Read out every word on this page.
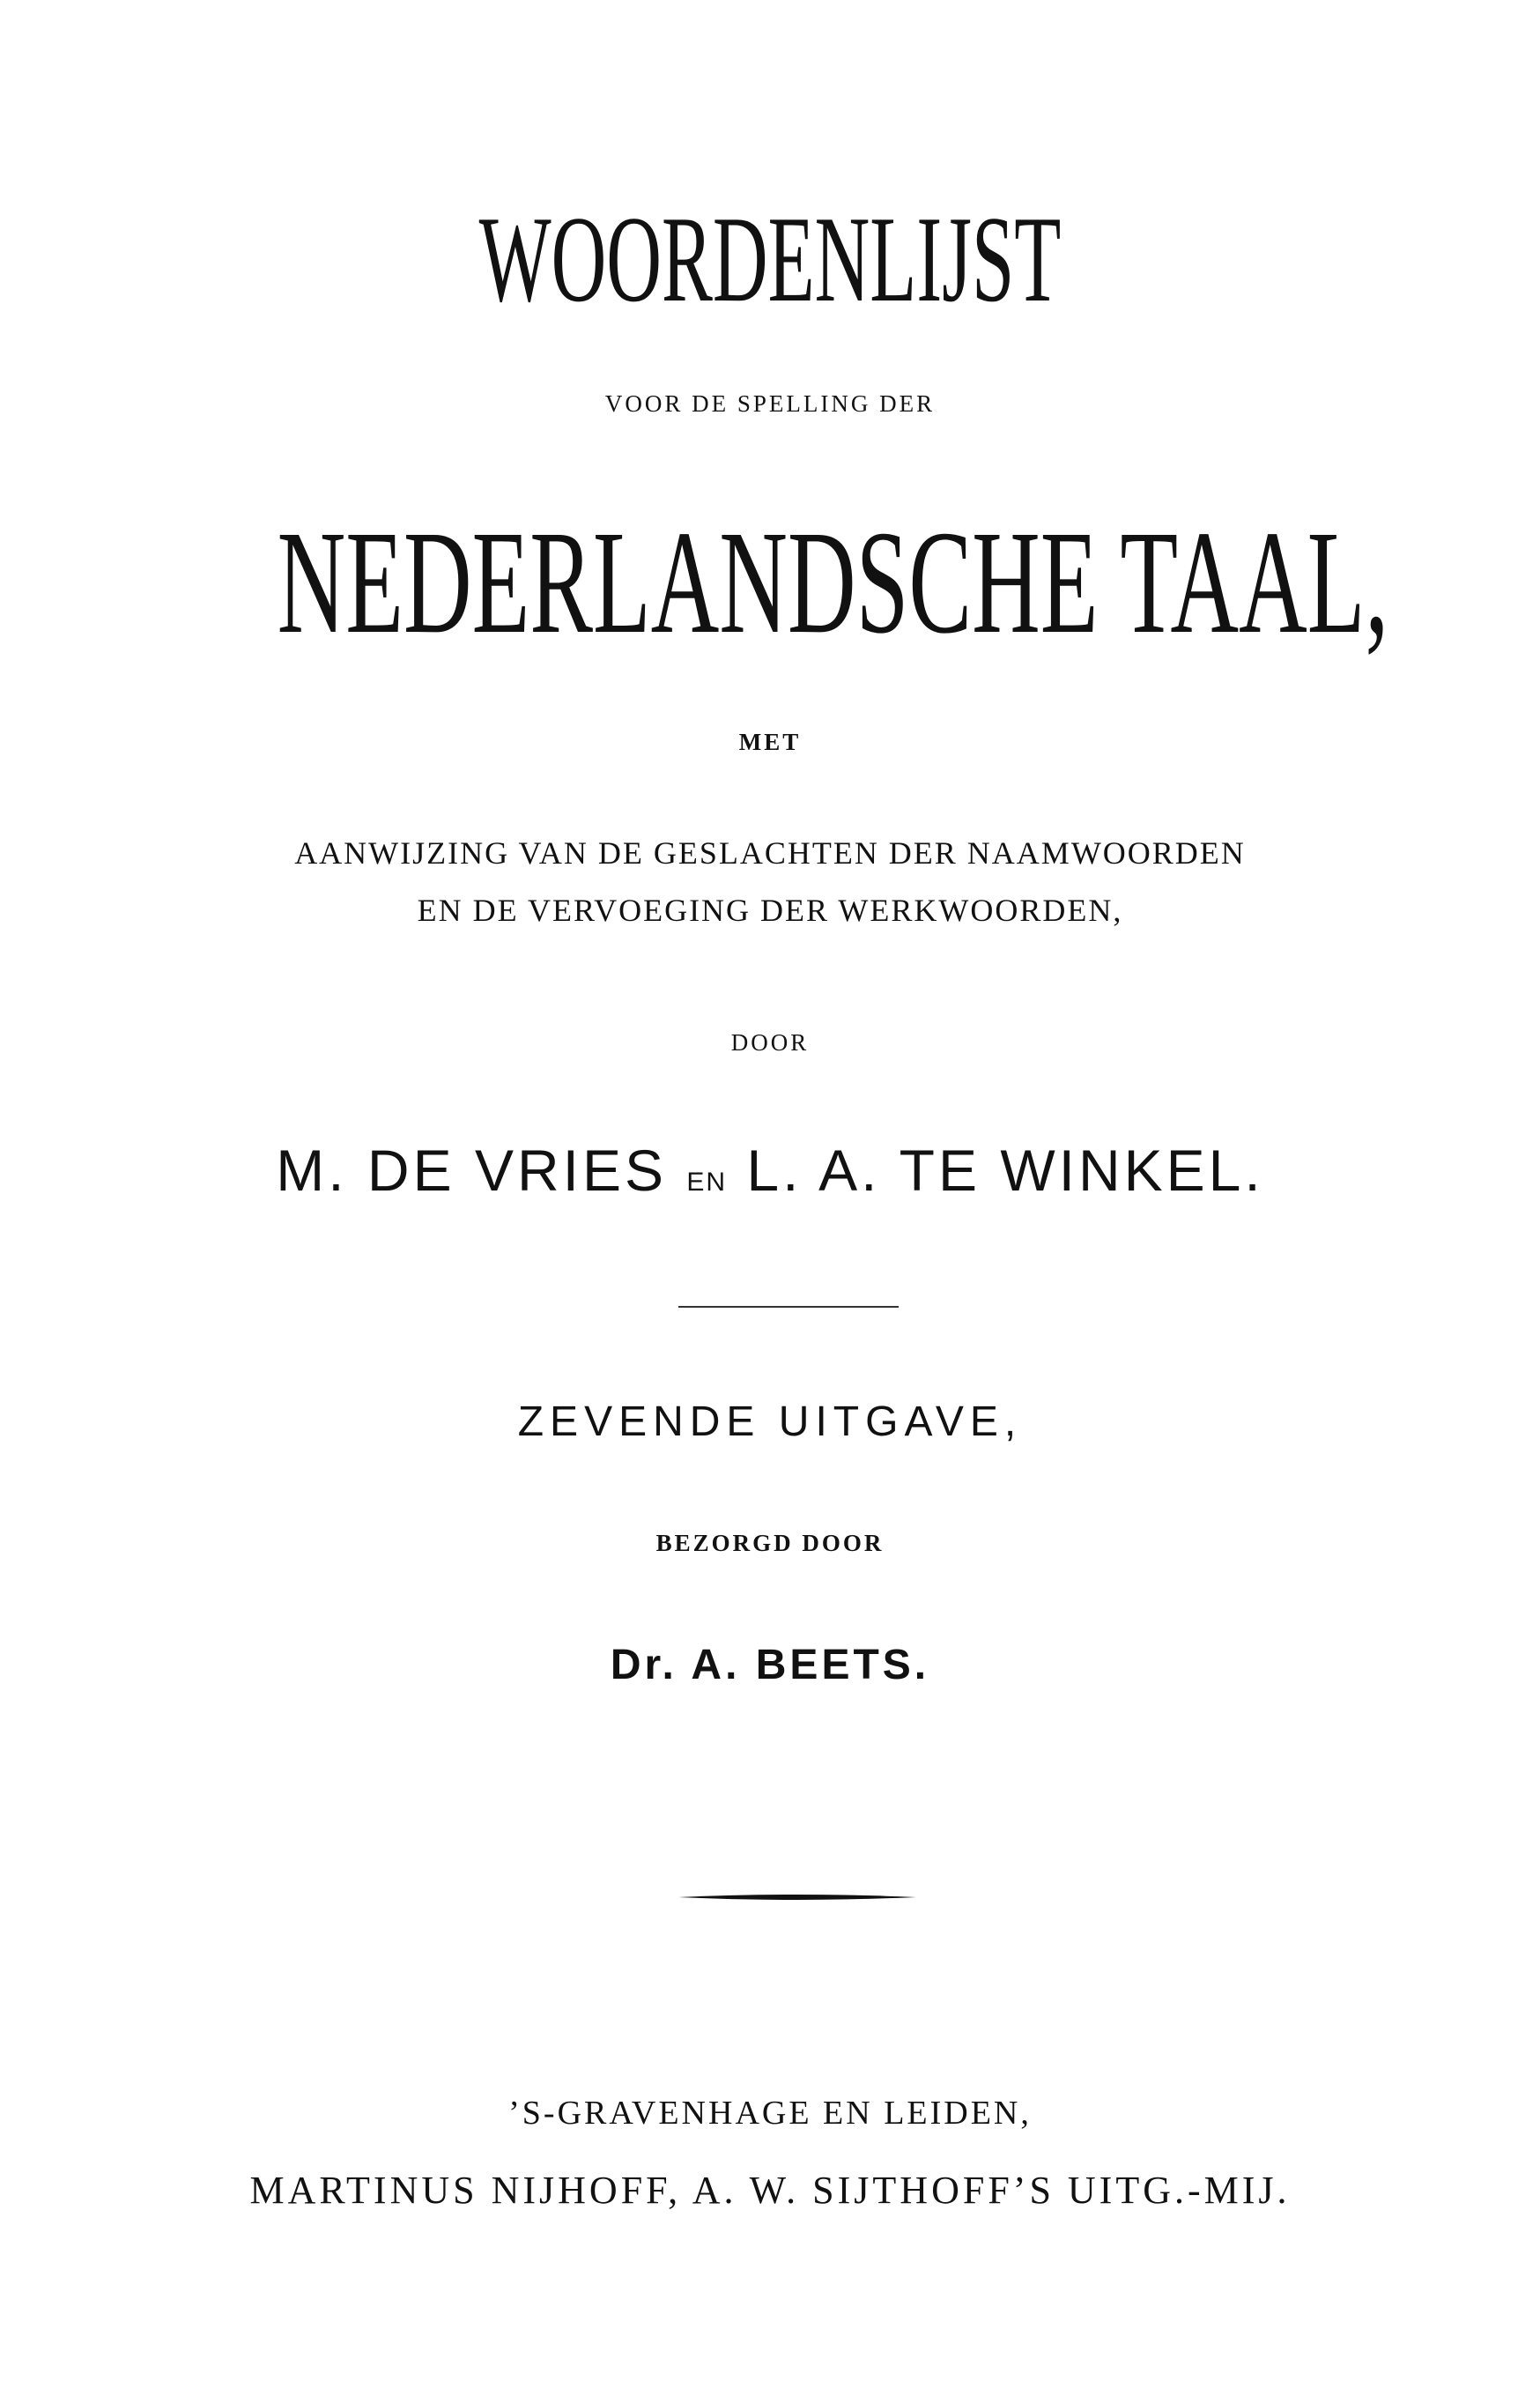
WOORDENLIJST
VOOR DE SPELLING DER
NEDERLANDSCHE TAAL,
MET
AANWIJZING VAN DE GESLACHTEN DER NAAMWOORDEN
EN DE VERVOEGING DER WERKWOORDEN,
DOOR
M. DE VRIES EN L. A. TE WINKEL.
ZEVENDE UITGAVE,
BEZORGD DOOR
Dr. A. BEETS.
’S-GRAVENHAGE EN LEIDEN,
MARTINUS NIJHOFF, A. W. SIJTHOFF’S UITG.-MIJ.
